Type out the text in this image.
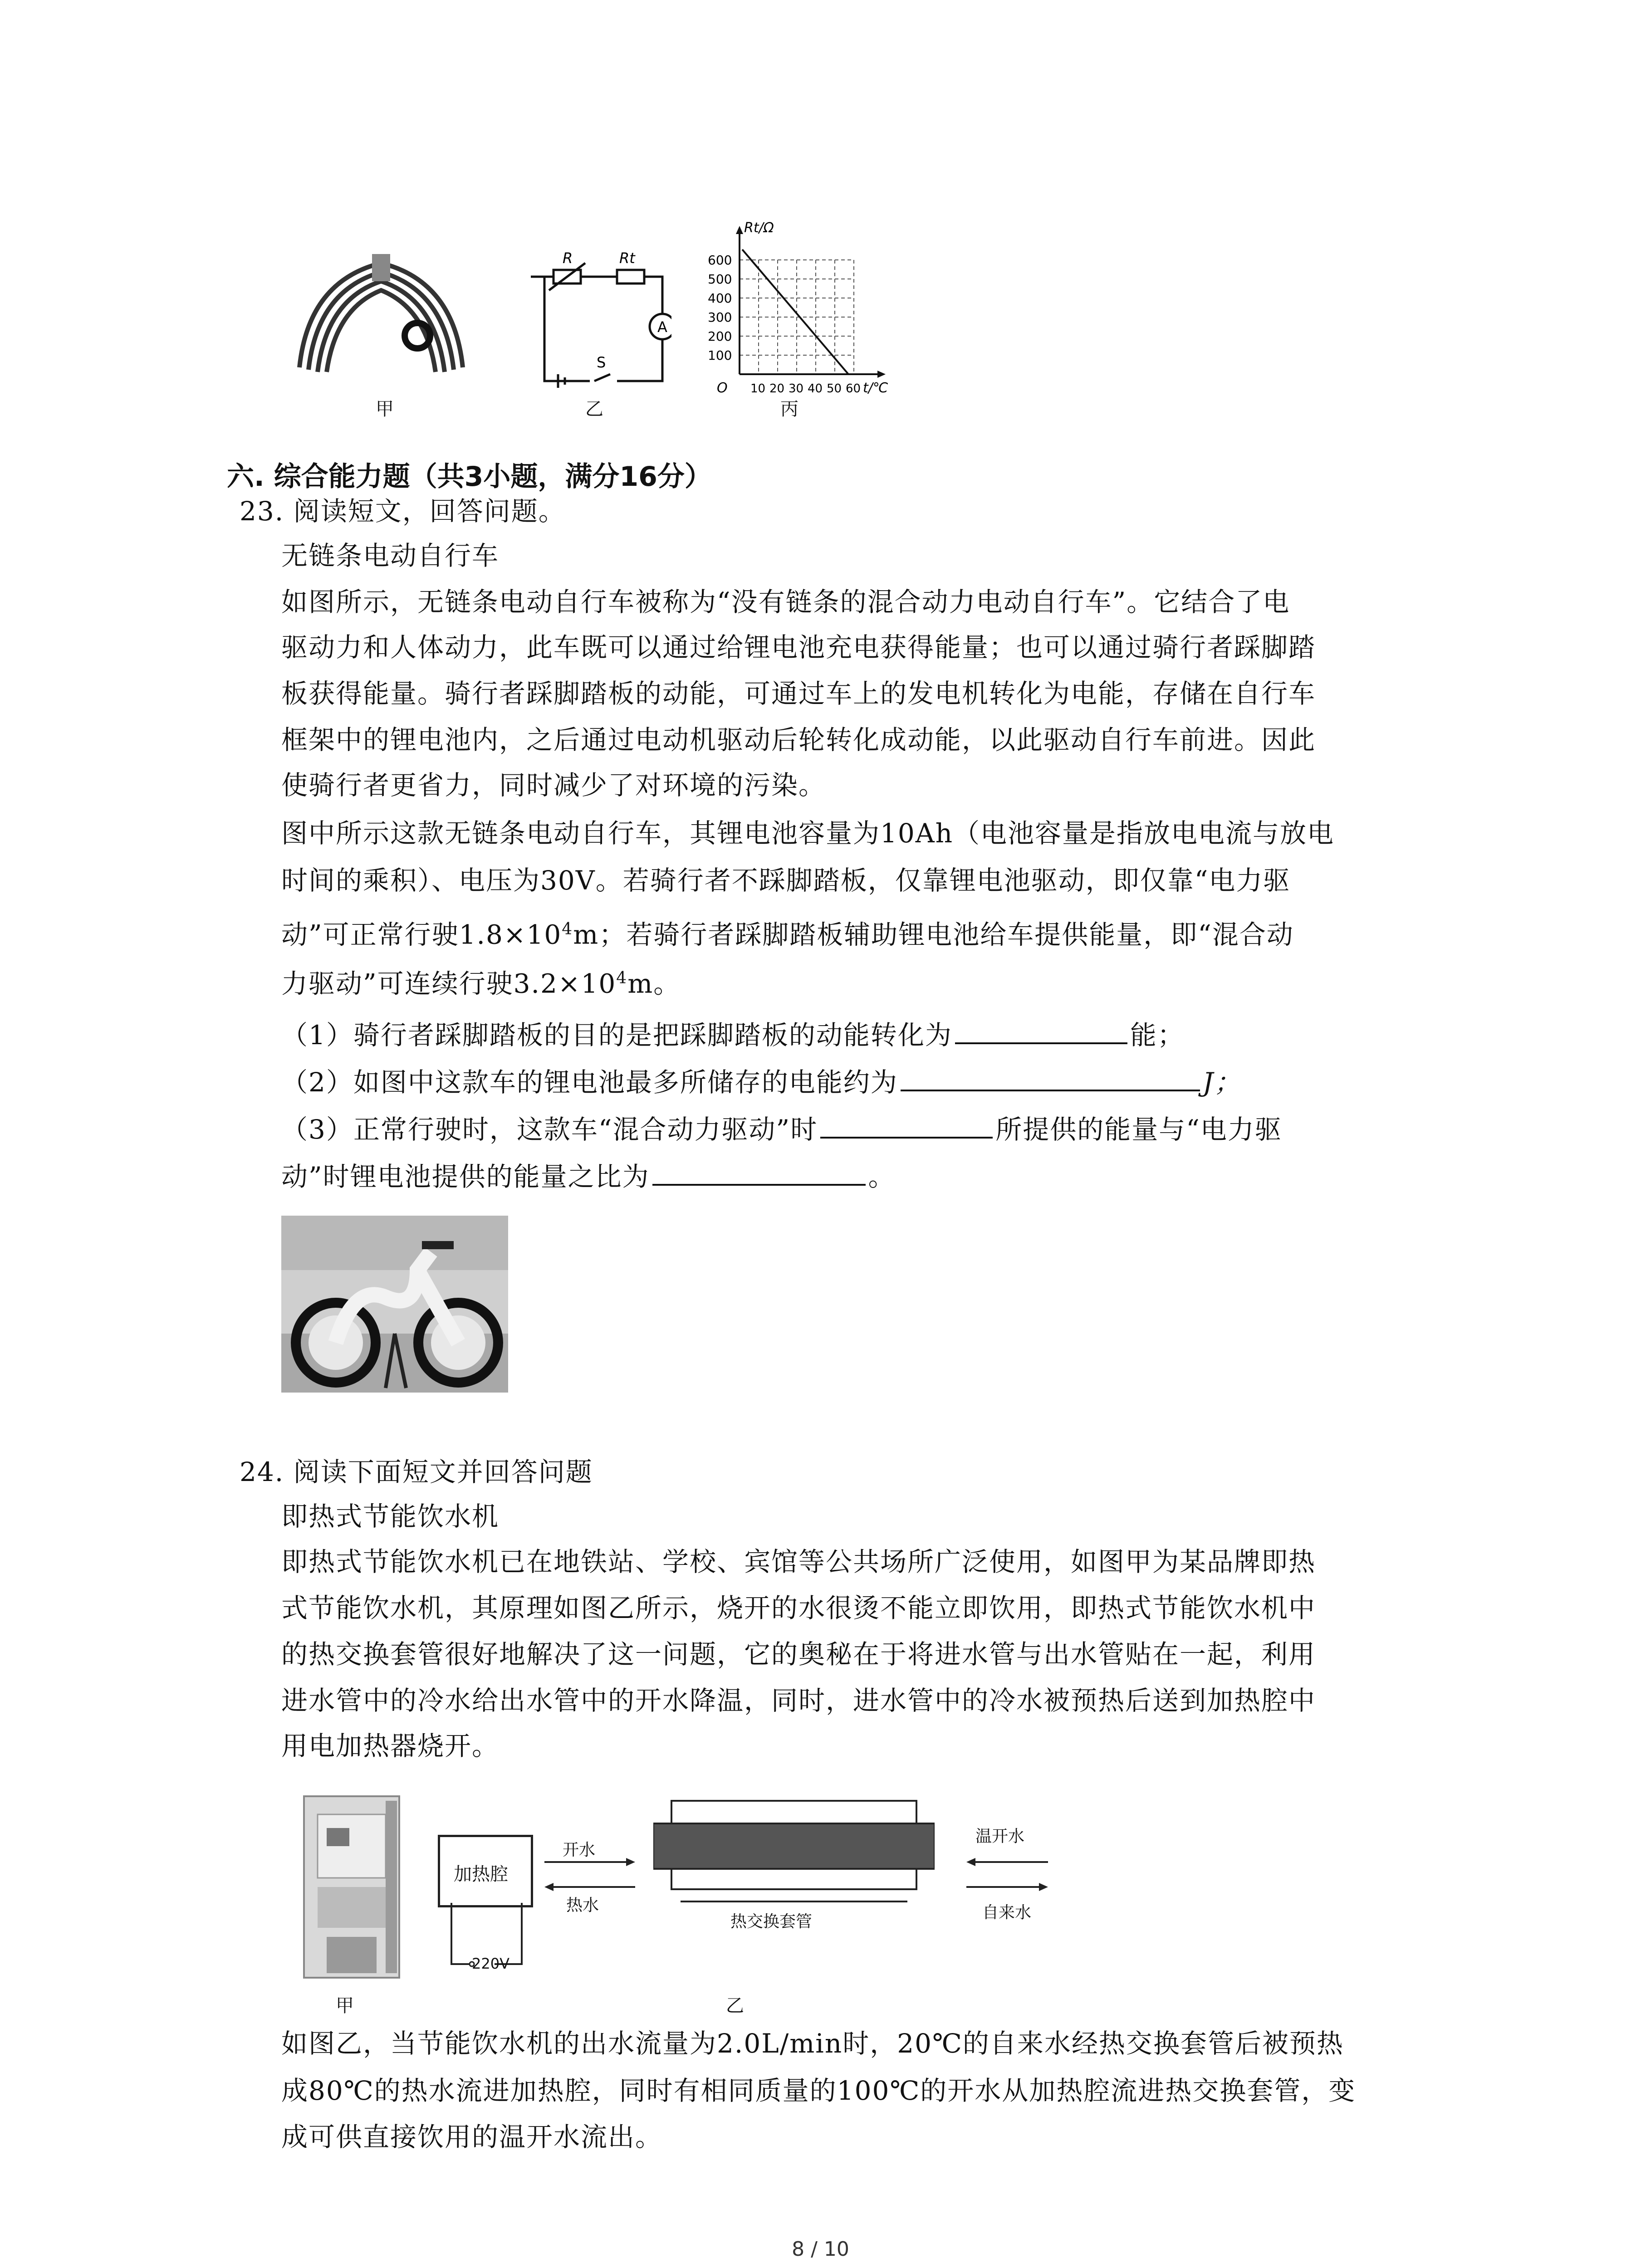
甲
R	Rt
A
S
乙
Rt/Ω
O	t/℃
600
500
400
300
200
100
10 20 30 40 50 60
丙
六. 综合能力题（共3小题，满分16分）
23. 阅读短文，回答问题。
无链条电动自行车
如图所示，无链条电动自行车被称为“没有链条的混合动力电动自行车”。它结合了电
驱动力和人体动力，此车既可以通过给锂电池充电获得能量；也可以通过骑行者踩脚踏
板获得能量。骑行者踩脚踏板的动能，可通过车上的发电机转化为电能，存储在自行车
框架中的锂电池内，之后通过电动机驱动后轮转化成动能，以此驱动自行车前进。因此
使骑行者更省力，同时减少了对环境的污染。
图中所示这款无链条电动自行车，其锂电池容量为10Ah（电池容量是指放电电流与放电
时间的乘积）、电压为30V。若骑行者不踩脚踏板，仅靠锂电池驱动，即仅靠“电力驱
动”可正常行驶$1.8\times 10^4m$；若骑行者踩脚踏板辅助锂电池给车提供能量，即“混合动
力驱动”可连续行驶$3.2\times 10^4m$。
（1）骑行者踩脚踏板的目的是把踩脚踏板的动能转化为	能；
（2）如图中这款车的锂电池最多所储存的电能约为	J；
（3）正常行驶时，这款车“混合动力驱动”时	所提供的能量与“电力驱
动”时锂电池提供的能量之比为	。
24. 阅读下面短文并回答问题
即热式节能饮水机
即热式节能饮水机已在地铁站、学校、宾馆等公共场所广泛使用，如图甲为某品牌即热
式节能饮水机，其原理如图乙所示，烧开的水很烫不能立即饮用，即热式节能饮水机中
的热交换套管很好地解决了这一问题，它的奥秘在于将进水管与出水管贴在一起，利用
进水管中的冷水给出水管中的开水降温，同时，进水管中的冷水被预热后送到加热腔中
用电加热器烧开。
甲
加热腔
220V
开水
热水
热交换套管
温开水
自来水
乙
如图乙，当节能饮水机的出水流量为2.0L/min时，20℃的自来水经热交换套管后被预热
成80℃的热水流进加热腔，同时有相同质量的100℃的开水从加热腔流进热交换套管，变
成可供直接饮用的温开水流出。
8 / 10
